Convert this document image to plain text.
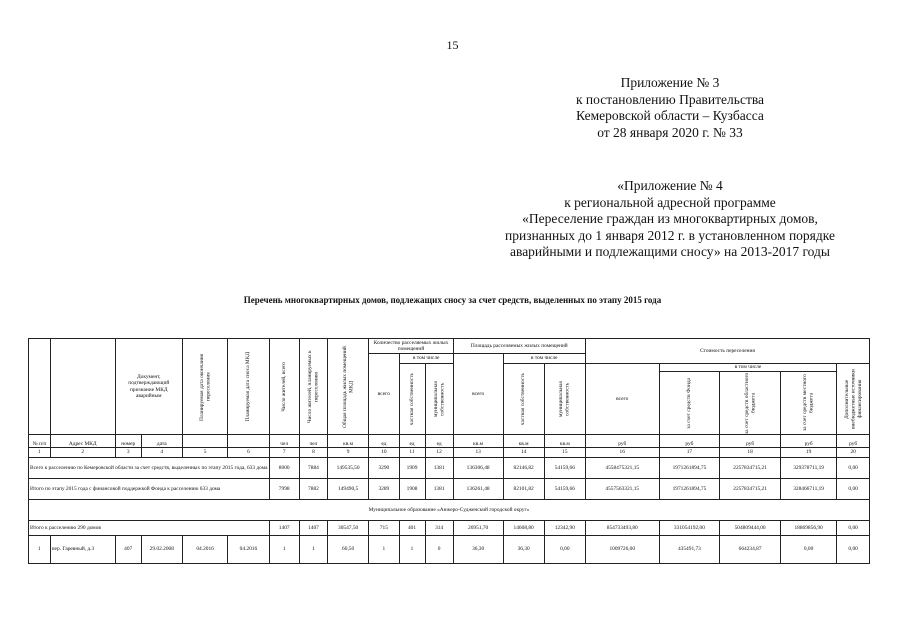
15
Приложение № 3
к постановлению Правительства
Кемеровской области – Кузбасса
от 28 января 2020 г. № 33
«Приложение № 4
к региональной адресной программе
«Переселение граждан из многоквартирных домов,
признанных до 1 января 2012 г. в установленном порядке
аварийными и подлежащими сносу» на 2013-2017 годы
Перечень многоквартирных домов, подлежащих сносу за счет средств, выделенных по этапу 2015 года
		Документ, подтверждающий признание МКД аварийным		Планируемая дата окончания переселения	Планируемая дата сноса МКД	Число жителей, всего	Число жителей, планируемых к переселению	Общая площадь жилых помещений МКД	Количество расселяемых жилых помещений			Площадь расселяемых жилых помещений			Стоимость переселения				
									всего	в том числе		всего	в том числе						

										частная собственность	муниципальная собственность		частная собственность	муниципальная собственность	всего	в том числе			Дополнительные внебюджетные источники финансирования

																за счет средств Фонда	за счет средств областного бюджета	за счет средств местного бюджета	

№ п/п	Адрес МКД	номер	дата			чел	чел	кв.м	ед	ед	ед	кв.м	кв.м	кв.м	руб	руб	руб	руб	руб
1	2	3	4	5	6	7	8	9	10	11	12	13	14	15	16	17	18	19	20
Всего к расселению по Кемеровской области за счет средств, выделенных по этапу 2015 года, 633 дома						8000	7884	149535,50	3290	1909	1381	136306,48	82146,82	54159,66	4558475321,15	1971261894,75	2257834715,21	329378711,19	0,00
Итого по этапу 2015 года с финансовой поддержкой Фонда к расселению 633 дома						7998	7882	149490,5	3289	1908	1381	136261,48	82101,82	54159,66	4557563321,15	1971261894,75	2257834715,21	328466711,19	0,00
Муниципальное образование «Анжеро-Судженский городской округ»																			
Итого к расселению 290 домов						1407	1407	30547,50	715	401	314	26951,70	14608,80	12342,90	854733493,80	331054192,00	504809444,00	18869856,90	0,00
1	пер. Гаревный, д.3	407	29.02.2008	04.2016	04.2016	1	1	60,50	1	1	0	36,30	36,30	0,00	1009726,00	435491,73	664234,87	0,00	0,00
